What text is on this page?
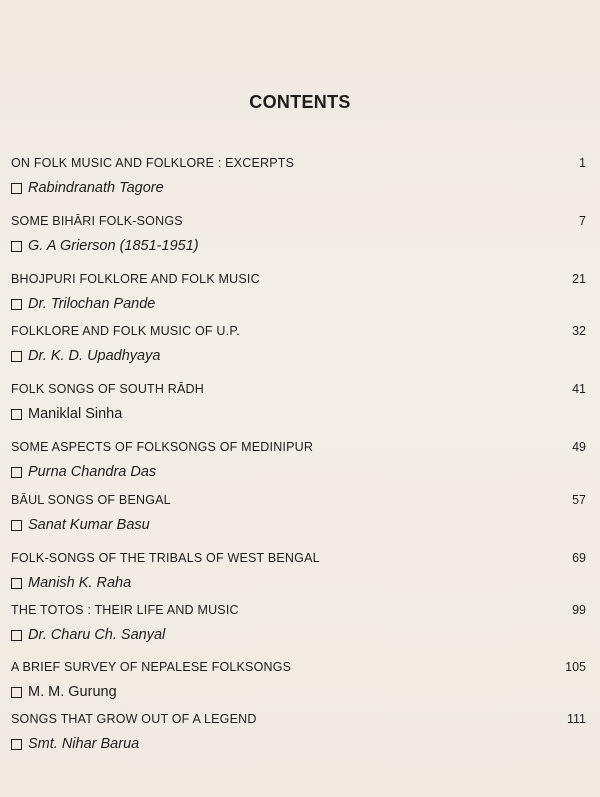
CONTENTS
ON FOLK MUSIC AND FOLKLORE : EXCERPTS	1
Rabindranath Tagore
SOME BIHĀRI FOLK-SONGS	7
G. A Grierson (1851-1951)
BHOJPURI FOLKLORE AND FOLK MUSIC	21
Dr. Trilochan Pande
FOLKLORE AND FOLK MUSIC OF U.P.	32
Dr. K. D. Upadhyaya
FOLK SONGS OF SOUTH RĀDH	41
Maniklal Sinha
SOME ASPECTS OF FOLKSONGS OF MEDINIPUR	49
Purna Chandra Das
BĀUL SONGS OF BENGAL	57
Sanat Kumar Basu
FOLK-SONGS OF THE TRIBALS OF WEST BENGAL	69
Manish K. Raha
THE TOTOS : THEIR LIFE AND MUSIC	99
Dr. Charu Ch. Sanyal
A BRIEF SURVEY OF NEPALESE FOLKSONGS	105
M. M. Gurung
SONGS THAT GROW OUT OF A LEGEND	111
Smt. Nihar Barua
